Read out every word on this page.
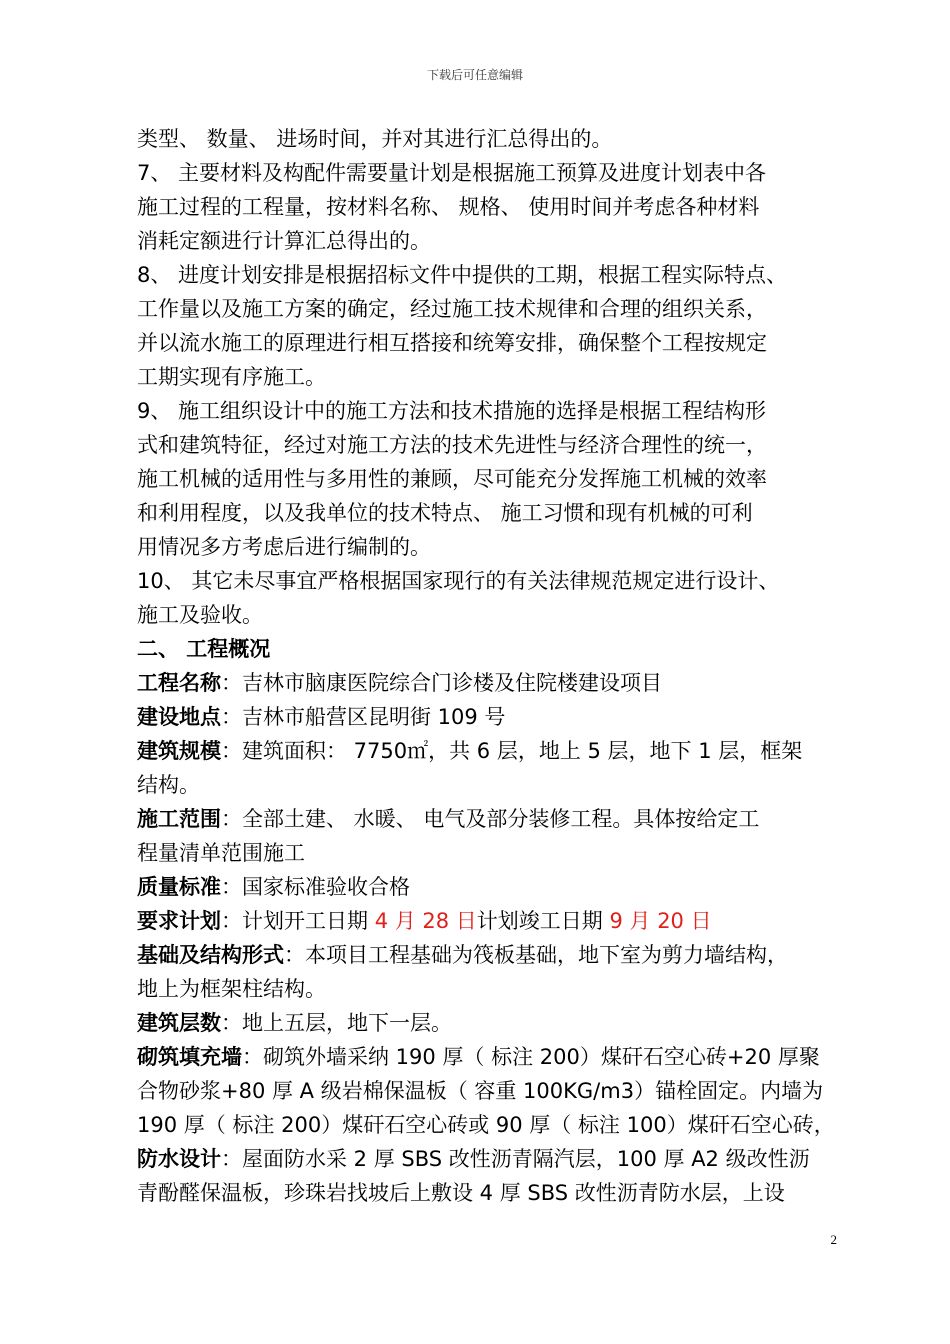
下载后可任意编辑
类型、 数量、 进场时间，并对其进行汇总得出的。
7、 主要材料及构配件需要量计划是根据施工预算及进度计划表中各
施工过程的工程量，按材料名称、 规格、 使用时间并考虑各种材料
消耗定额进行计算汇总得出的。
8、 进度计划安排是根据招标文件中提供的工期，根据工程实际特点、
工作量以及施工方案的确定，经过施工技术规律和合理的组织关系，
并以流水施工的原理进行相互搭接和统筹安排，确保整个工程按规定
工期实现有序施工。
9、 施工组织设计中的施工方法和技术措施的选择是根据工程结构形
式和建筑特征，经过对施工方法的技术先进性与经济合理性的统一，
施工机械的适用性与多用性的兼顾，尽可能充分发挥施工机械的效率
和利用程度，以及我单位的技术特点、 施工习惯和现有机械的可利
用情况多方考虑后进行编制的。
10、 其它未尽事宜严格根据国家现行的有关法律规范规定进行设计、
施工及验收。
二、 工程概况
工程名称：吉林市脑康医院综合门诊楼及住院楼建设项目
建设地点：吉林市船营区昆明街 109 号
建筑规模：建筑面积： 7750㎡，共 6 层，地上 5 层，地下 1 层，框架
结构。
施工范围：全部土建、 水暖、 电气及部分装修工程。具体按给定工
程量清单范围施工
质量标准：国家标准验收合格
要求计划：计划开工日期 4 月 28 日计划竣工日期 9 月 20 日
基础及结构形式：本项目工程基础为筏板基础，地下室为剪力墙结构，
地上为框架柱结构。
建筑层数：地上五层，地下一层。
砌筑填充墙：砌筑外墙采纳 190 厚（ 标注 200）煤矸石空心砖+20 厚聚
合物砂浆+80 厚 A 级岩棉保温板（ 容重 100KG/m3）锚栓固定。内墙为
190 厚（ 标注 200）煤矸石空心砖或 90 厚（ 标注 100）煤矸石空心砖，
防水设计：屋面防水采 2 厚 SBS 改性沥青隔汽层，100 厚 A2 级改性沥
青酚醛保温板，珍珠岩找坡后上敷设 4 厚 SBS 改性沥青防水层，上设
2
